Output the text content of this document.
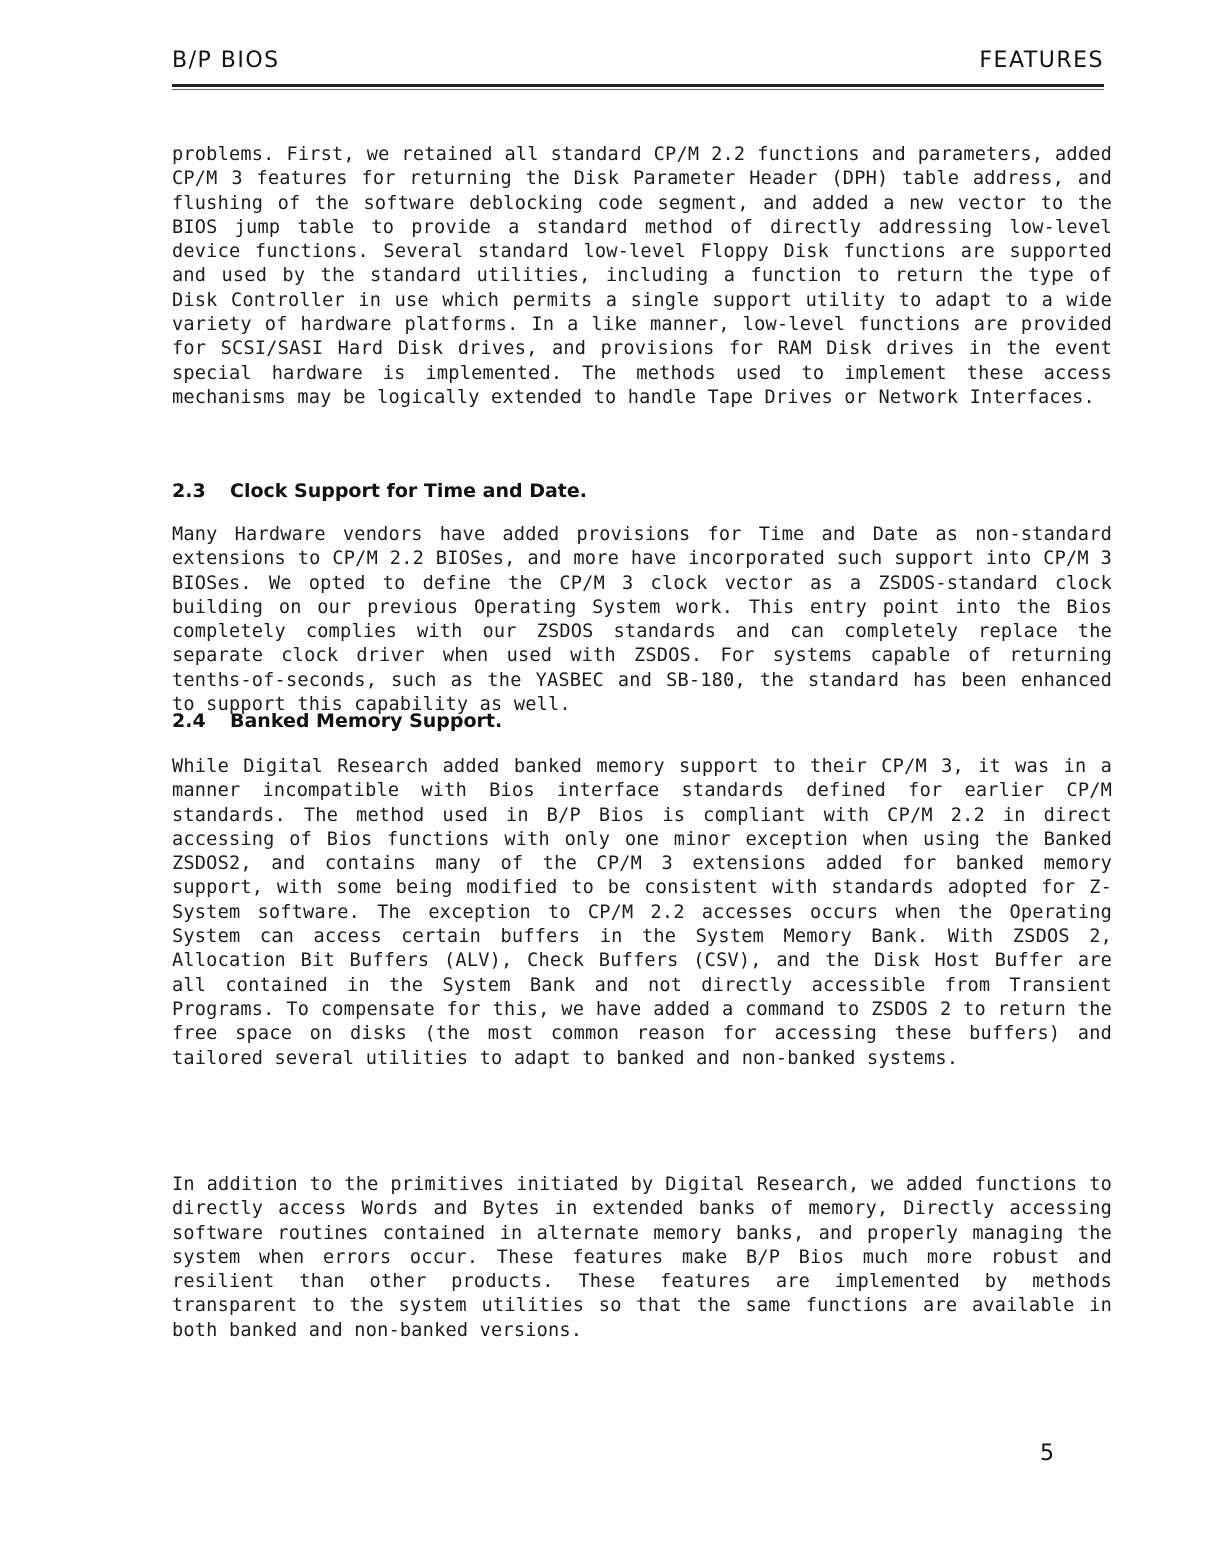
B/P BIOS	FEATURES

problems. First, we retained all standard CP/M 2.2 functions and parameters, added CP/M 3 features for returning the Disk Parameter Header (DPH) table address, and flushing of the software deblocking code segment, and added a new vector to the BIOS jump table to provide a standard method of directly addressing low-level device functions. Several standard low-level Floppy Disk functions are supported and used by the standard utilities, including a function to return the type of Disk Controller in use which permits a single support utility to adapt to a wide variety of hardware platforms. In a like manner, low-level functions are provided for SCSI/SASI Hard Disk drives, and provisions for RAM Disk drives in the event special hardware is implemented. The methods used to implement these access mechanisms may be logically extended to handle Tape Drives or Network Interfaces.

2.3 Clock Support for Time and Date.

Many Hardware vendors have added provisions for Time and Date as non-standard extensions to CP/M 2.2 BIOSes, and more have incorporated such support into CP/M 3 BIOSes. We opted to define the CP/M 3 clock vector as a ZSDOS-standard clock building on our previous Operating System work. This entry point into the Bios completely complies with our ZSDOS standards and can completely replace the separate clock driver when used with ZSDOS. For systems capable of returning tenths-of-seconds, such as the YASBEC and SB-180, the standard has been enhanced to support this capability as well.

2.4 Banked Memory Support.

While Digital Research added banked memory support to their CP/M 3, it was in a manner incompatible with Bios interface standards defined for earlier CP/M standards. The method used in B/P Bios is compliant with CP/M 2.2 in direct accessing of Bios functions with only one minor exception when using the Banked ZSDOS2, and contains many of the CP/M 3 extensions added for banked memory support, with some being modified to be consistent with standards adopted for Z-System software. The exception to CP/M 2.2 accesses occurs when the Operating System can access certain buffers in the System Memory Bank. With ZSDOS 2, Allocation Bit Buffers (ALV), Check Buffers (CSV), and the Disk Host Buffer are all contained in the System Bank and not directly accessible from Transient Programs. To compensate for this, we have added a command to ZSDOS 2 to return the free space on disks (the most common reason for accessing these buffers) and tailored several utilities to adapt to banked and non-banked systems.

In addition to the primitives initiated by Digital Research, we added functions to directly access Words and Bytes in extended banks of memory, Directly accessing software routines contained in alternate memory banks, and properly managing the system when errors occur. These features make B/P Bios much more robust and resilient than other products. These features are implemented by methods transparent to the system utilities so that the same functions are available in both banked and non-banked versions.

5
